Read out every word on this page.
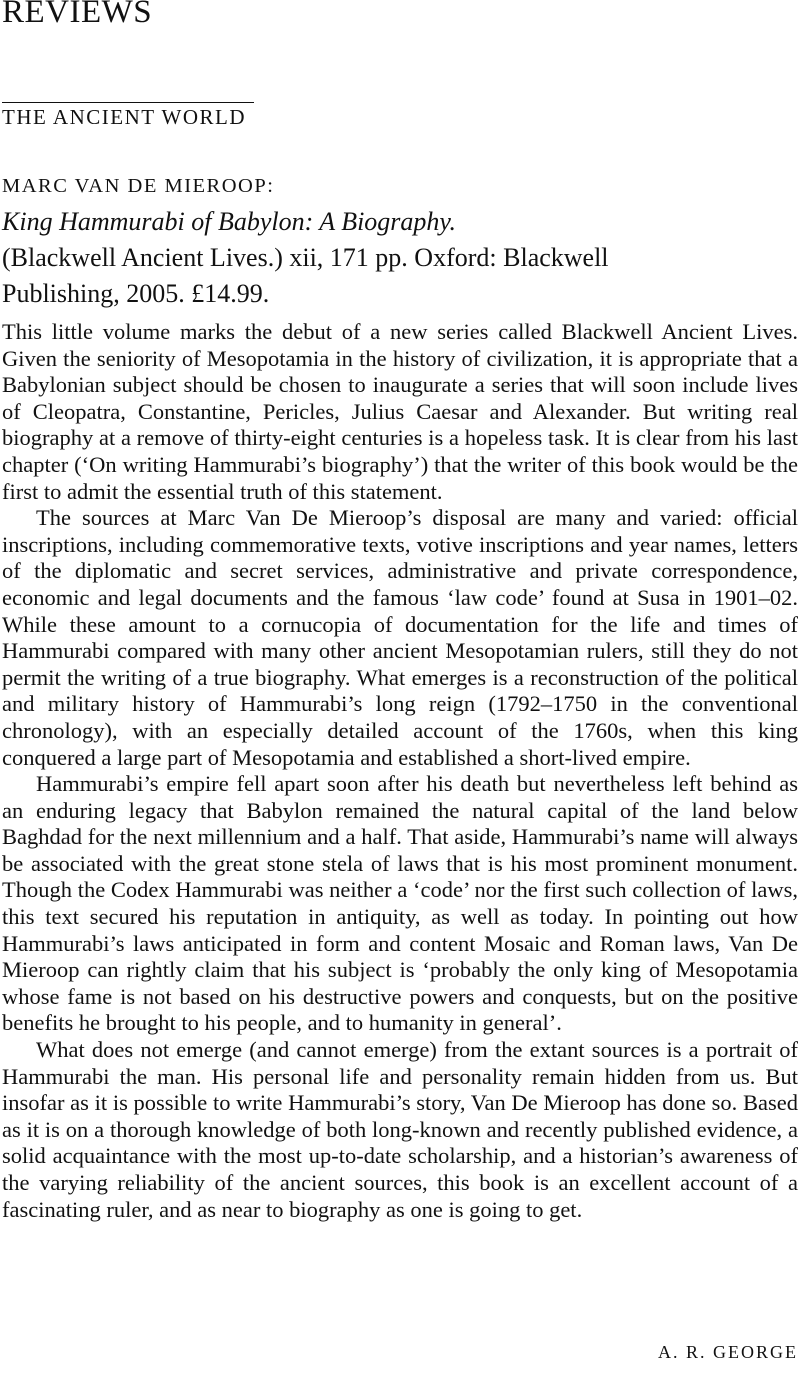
REVIEWS
THE ANCIENT WORLD
MARC VAN DE MIEROOP:
King Hammurabi of Babylon: A Biography.
(Blackwell Ancient Lives.) xii, 171 pp. Oxford: Blackwell
Publishing, 2005. £14.99.

This little volume marks the debut of a new series called Blackwell Ancient Lives. Given the seniority of Mesopotamia in the history of civilization, it is appropriate that a Babylonian subject should be chosen to inaugurate a series that will soon include lives of Cleopatra, Constantine, Pericles, Julius Caesar and Alexander. But writing real biography at a remove of thirty-eight centuries is a hopeless task. It is clear from his last chapter (‘On writing Hammurabi’s biography’) that the writer of this book would be the first to admit the essential truth of this statement.

The sources at Marc Van De Mieroop’s disposal are many and varied: official inscriptions, including commemorative texts, votive inscriptions and year names, letters of the diplomatic and secret services, administrative and private correspondence, economic and legal documents and the famous ‘law code’ found at Susa in 1901–02. While these amount to a cornucopia of documentation for the life and times of Hammurabi compared with many other ancient Mesopotamian rulers, still they do not permit the writing of a true biography. What emerges is a reconstruction of the political and military history of Hammurabi’s long reign (1792–1750 in the conventional chronology), with an especially detailed account of the 1760s, when this king conquered a large part of Mesopotamia and established a short-lived empire.

Hammurabi’s empire fell apart soon after his death but nevertheless left behind as an enduring legacy that Babylon remained the natural capital of the land below Baghdad for the next millennium and a half. That aside, Hammurabi’s name will always be associated with the great stone stela of laws that is his most prominent monument. Though the Codex Hammurabi was neither a ‘code’ nor the first such collection of laws, this text secured his reputation in antiquity, as well as today. In pointing out how Hammurabi’s laws anticipated in form and content Mosaic and Roman laws, Van De Mieroop can rightly claim that his subject is ‘probably the only king of Mesopotamia whose fame is not based on his destructive powers and conquests, but on the positive benefits he brought to his people, and to humanity in general’.

What does not emerge (and cannot emerge) from the extant sources is a portrait of Hammurabi the man. His personal life and personality remain hidden from us. But insofar as it is possible to write Hammurabi’s story, Van De Mieroop has done so. Based as it is on a thorough knowledge of both long-known and recently published evidence, a solid acquaintance with the most up-to-date scholarship, and a historian’s awareness of the varying reliability of the ancient sources, this book is an excellent account of a fascinating ruler, and as near to biography as one is going to get.

A. R. GEORGE
